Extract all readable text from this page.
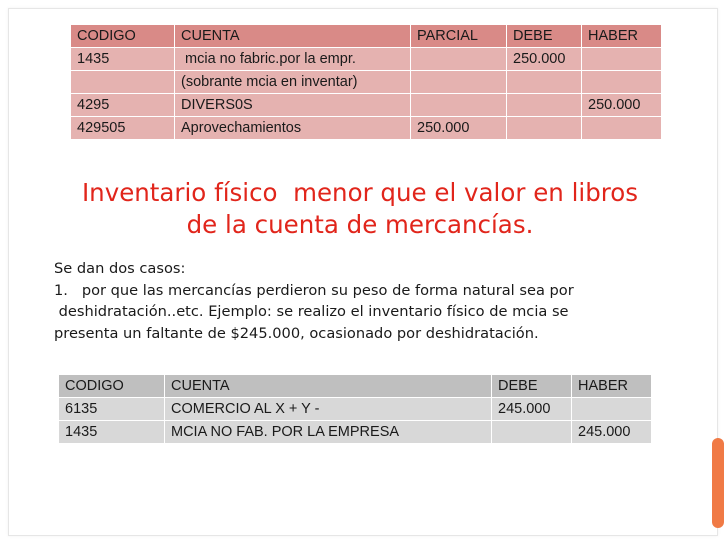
CODIGO	CUENTA	PARCIAL	DEBE	HABER
1435	mcia no fabric.por la empr.		250.000	
	(sobrante mcia en inventar)			
4295	DIVERS0S			250.000
429505	Aprovechamientos	250.000		
Inventario físico  menor que el valor en libros
de la cuenta de mercancías.
Se dan dos casos:
1.   por que las mercancías perdieron su peso de forma natural sea por
deshidratación..etc. Ejemplo: se realizo el inventario físico de mcia se
presenta un faltante de $245.000, ocasionado por deshidratación.
CODIGO	CUENTA	DEBE	HABER
6135	COMERCIO AL X + Y -	245.000	
1435	MCIA NO FAB. POR LA EMPRESA		245.000
